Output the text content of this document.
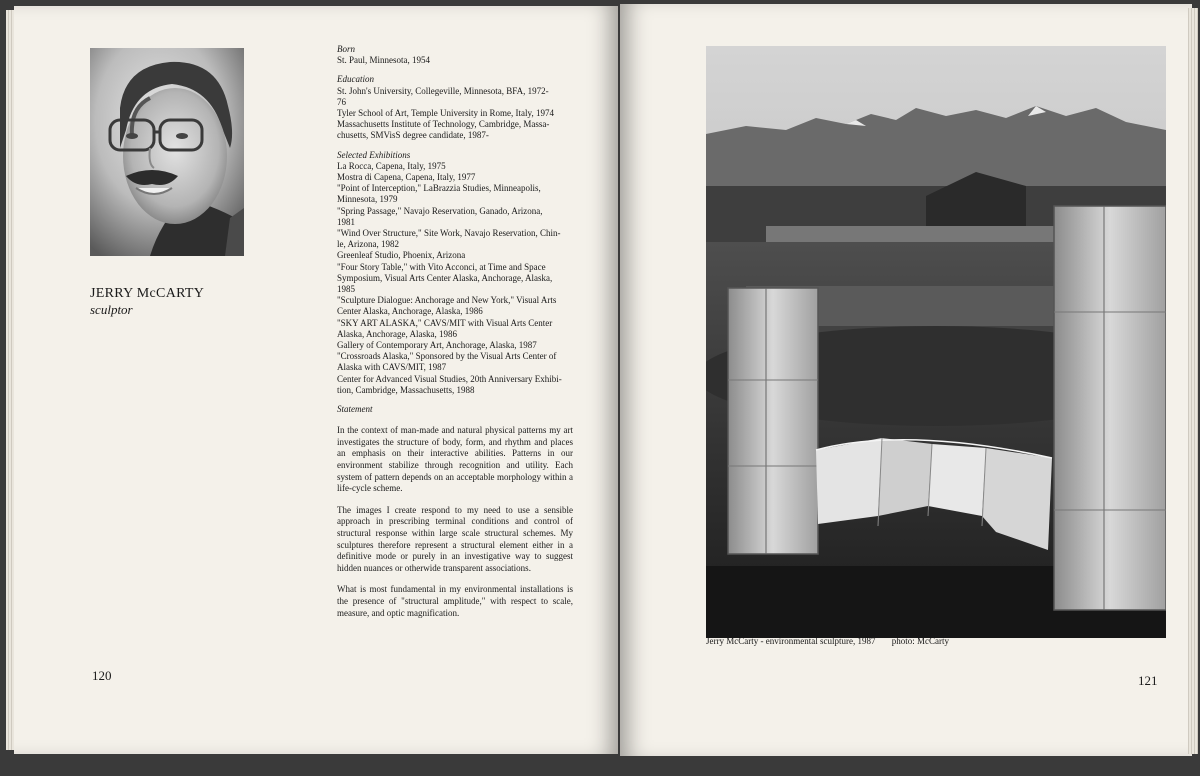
JERRY McCARTY
sculptor
Born
St. Paul, Minnesota, 1954
Education
St. John's University, Collegeville, Minnesota, BFA, 1972-
76
Tyler School of Art, Temple University in Rome, Italy, 1974
Massachusetts Institute of Technology, Cambridge, Massa-
chusetts, SMVisS degree candidate, 1987-
Selected Exhibitions
La Rocca, Capena, Italy, 1975
Mostra di Capena, Capena, Italy, 1977
"Point of Interception," LaBrazzia Studies, Minneapolis,
Minnesota, 1979
"Spring Passage," Navajo Reservation, Ganado, Arizona,
1981
"Wind Over Structure," Site Work, Navajo Reservation, Chin-
le, Arizona, 1982
Greenleaf Studio, Phoenix, Arizona
"Four Story Table," with Vito Acconci, at Time and Space
Symposium, Visual Arts Center Alaska, Anchorage, Alaska,
1985
"Sculpture Dialogue: Anchorage and New York," Visual Arts
Center Alaska, Anchorage, Alaska, 1986
"SKY ART ALASKA," CAVS/MIT with Visual Arts Center
Alaska, Anchorage, Alaska, 1986
Gallery of Contemporary Art, Anchorage, Alaska, 1987
"Crossroads Alaska," Sponsored by the Visual Arts Center of
Alaska with CAVS/MIT, 1987
Center for Advanced Visual Studies, 20th Anniversary Exhibi-
tion, Cambridge, Massachusetts, 1988
Statement

In the context of man-made and natural physical patterns my art investigates the structure of body, form, and rhythm and places an emphasis on their interactive abilities. Patterns in our environment stabilize through recognition and utility. Each system of pattern depends on an acceptable morphology within a life-cycle scheme.

The images I create respond to my need to use a sensible approach in prescribing terminal conditions and control of structural response within large scale structural schemes. My sculptures therefore represent a structural element either in a definitive mode or purely in an investigative way to suggest hidden nuances or otherwide transparent associations.

What is most fundamental in my environmental installations is the presence of "structural amplitude," with respect to scale, measure, and optic magnification.

120
Jerry McCarty - environmental sculpture, 1987 photo: McCarty
121
